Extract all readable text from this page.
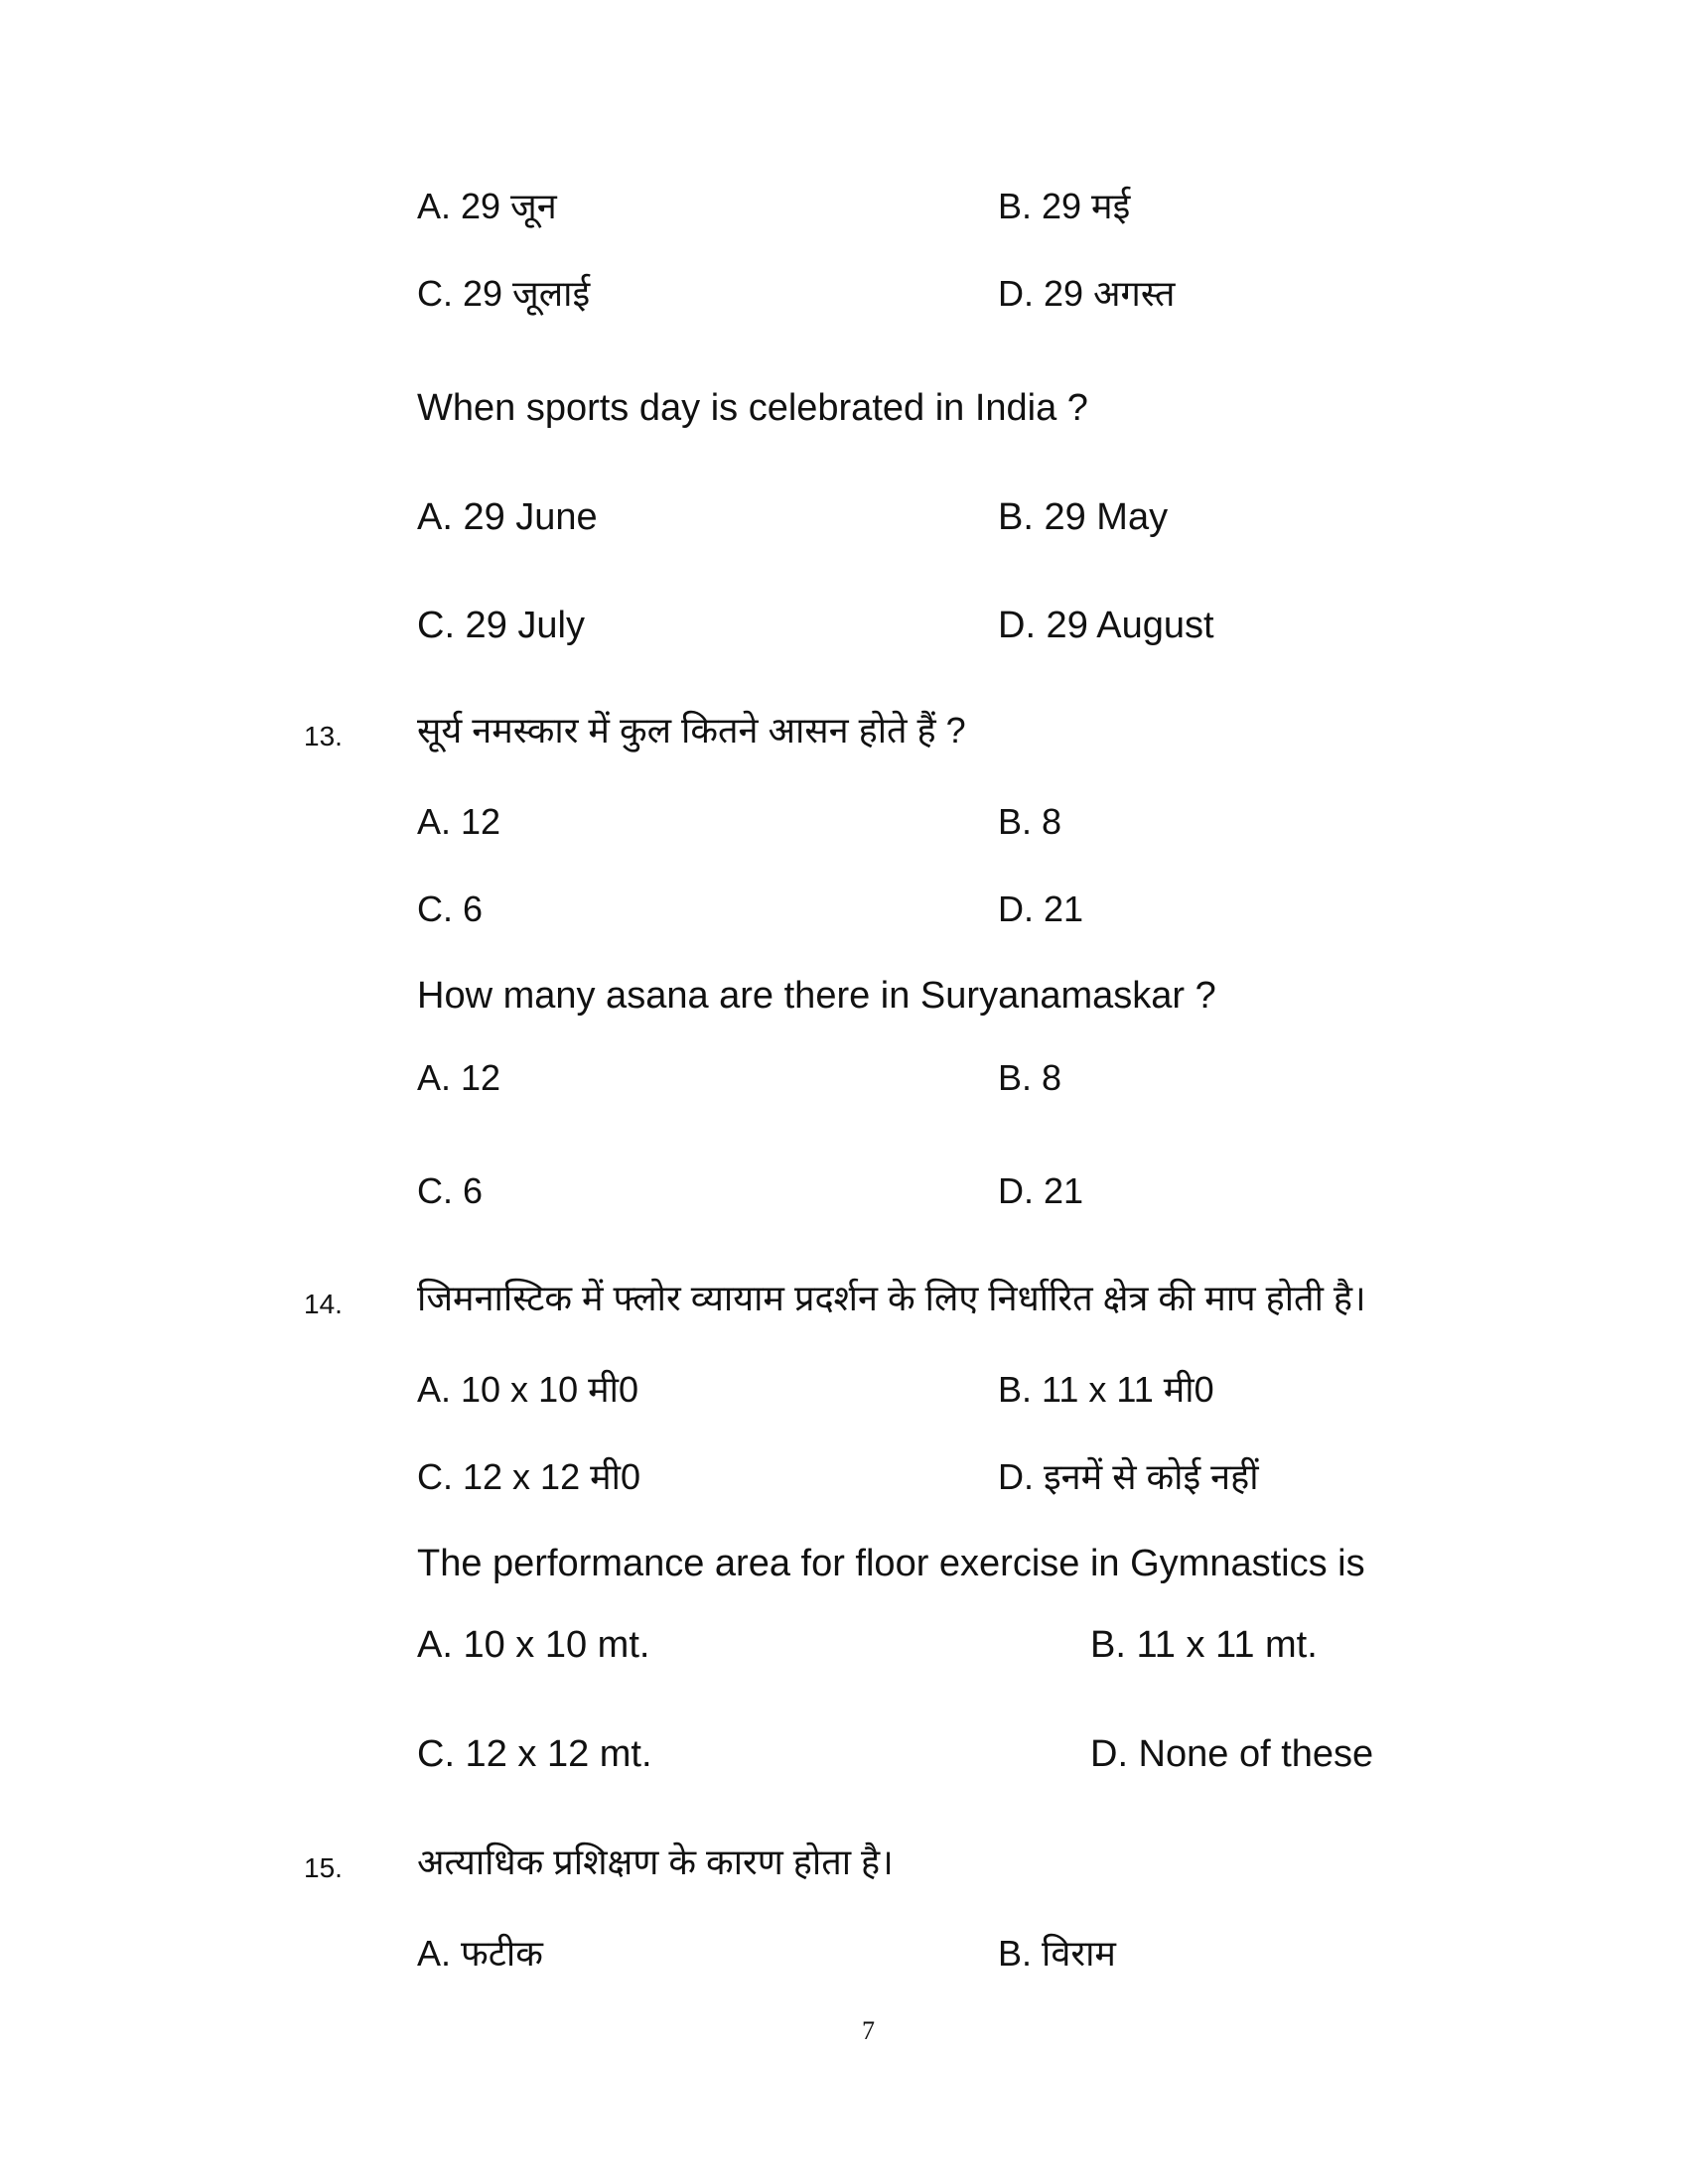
A. 29 जून	B. 29 मई
C. 29 जूलाई	D. 29 अगस्त
When sports day is celebrated in India ?
A. 29 June	B. 29 May
C. 29 July	D. 29 August
13. सूर्य नमस्कार में कुल कितने आसन होते हैं ?
A. 12	B. 8
C. 6	D. 21
How many asana are there in Suryanamaskar ?
A. 12	B. 8
C. 6	D. 21
14. जिमनास्टिक में फ्लोर व्यायाम प्रदर्शन के लिए निर्धारित क्षेत्र की माप होती है।
A. 10 x 10 मी0	B. 11 x 11 मी0
C. 12 x 12 मी0	D. इनमें से कोई नहीं
The performance area for floor exercise in Gymnastics is
A. 10 x 10 mt.	B. 11 x 11 mt.
C. 12 x 12 mt.	D. None of these
15. अत्याधिक प्रशिक्षण के कारण होता है।
A. फटीक	B. विराम
7
